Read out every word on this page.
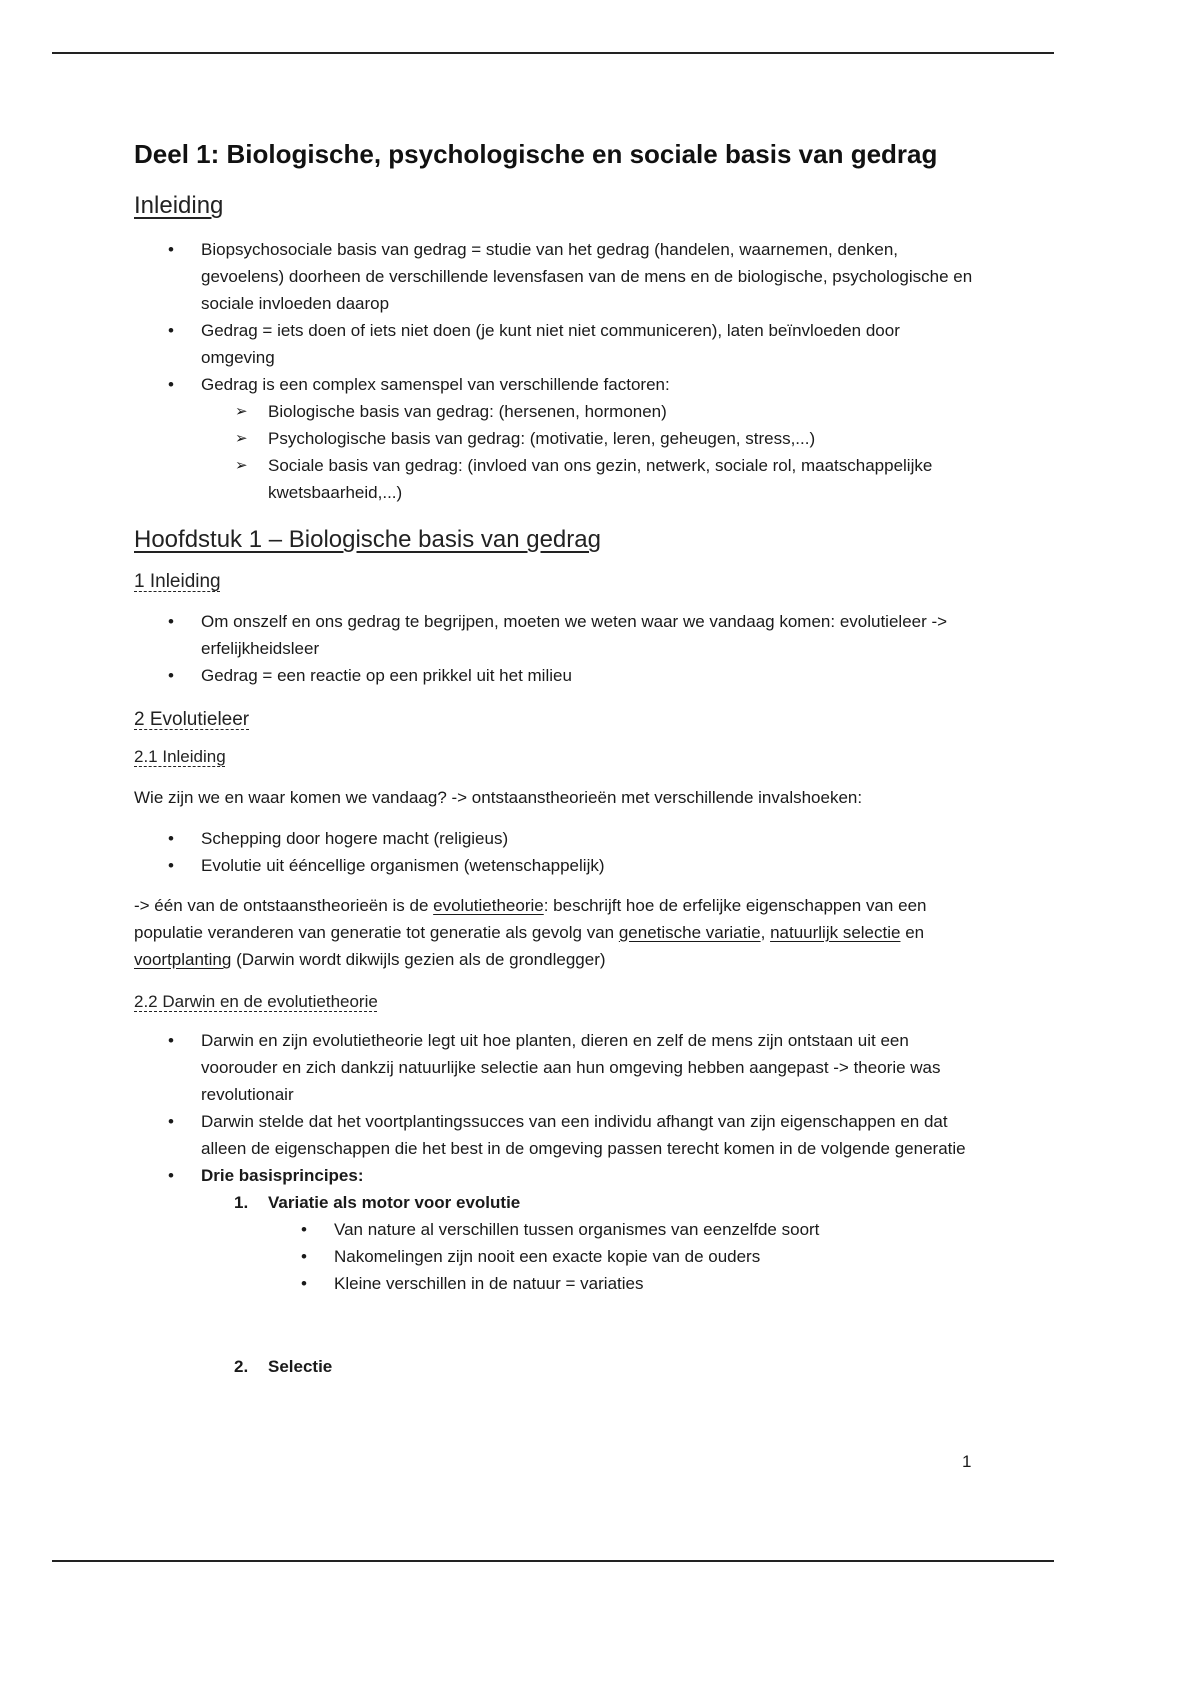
Deel 1: Biologische, psychologische en sociale basis van gedrag
Inleiding
• Biopsychosociale basis van gedrag = studie van het gedrag (handelen, waarnemen, denken, gevoelens) doorheen de verschillende levensfasen van de mens en de biologische, psychologische en sociale invloeden daarop
• Gedrag = iets doen of iets niet doen (je kunt niet niet communiceren), laten beïnvloeden door omgeving
• Gedrag is een complex samenspel van verschillende factoren:
➢ Biologische basis van gedrag: (hersenen, hormonen)
➢ Psychologische basis van gedrag: (motivatie, leren, geheugen, stress,...)
➢ Sociale basis van gedrag: (invloed van ons gezin, netwerk, sociale rol, maatschappelijke kwetsbaarheid,...)
Hoofdstuk 1 – Biologische basis van gedrag
1 Inleiding
• Om onszelf en ons gedrag te begrijpen, moeten we weten waar we vandaag komen: evolutieleer -> erfelijkheidsleer
• Gedrag = een reactie op een prikkel uit het milieu
2 Evolutieleer
2.1 Inleiding

Wie zijn we en waar komen we vandaag? -> ontstaanstheorieën met verschillende invalshoeken:

• Schepping door hogere macht (religieus)
• Evolutie uit ééncellige organismen (wetenschappelijk)

-> één van de ontstaanstheorieën is de evolutietheorie: beschrijft hoe de erfelijke eigenschappen van een populatie veranderen van generatie tot generatie als gevolg van genetische variatie, natuurlijk selectie en voortplanting (Darwin wordt dikwijls gezien als de grondlegger)

2.2 Darwin en de evolutietheorie
• Darwin en zijn evolutietheorie legt uit hoe planten, dieren en zelf de mens zijn ontstaan uit een voorouder en zich dankzij natuurlijke selectie aan hun omgeving hebben aangepast -> theorie was revolutionair
• Darwin stelde dat het voortplantingssucces van een individu afhangt van zijn eigenschappen en dat alleen de eigenschappen die het best in de omgeving passen terecht komen in de volgende generatie
• Drie basisprincipes:
1. Variatie als motor voor evolutie
• Van nature al verschillen tussen organismes van eenzelfde soort
• Nakomelingen zijn nooit een exacte kopie van de ouders
• Kleine verschillen in de natuur = variaties
2. Selectie
1
